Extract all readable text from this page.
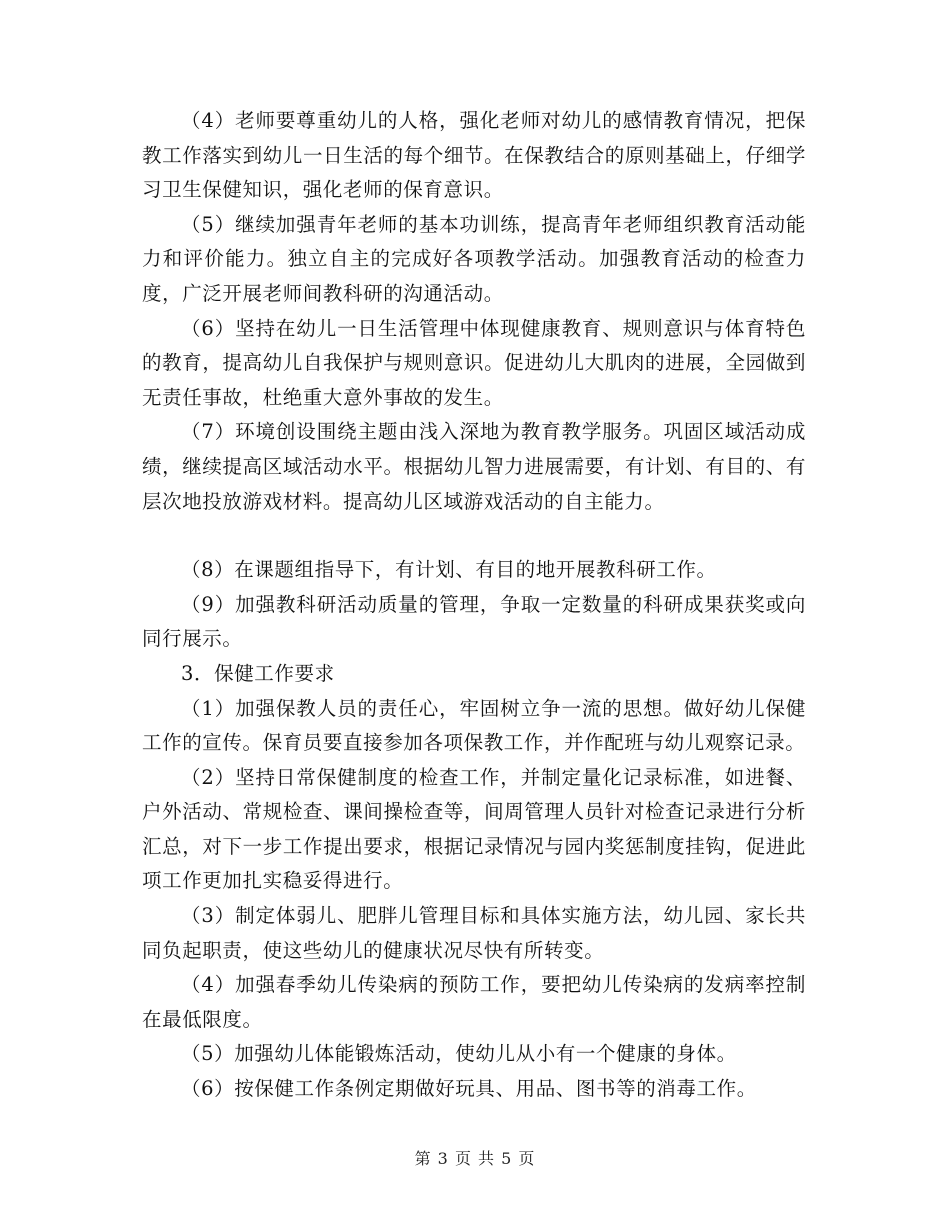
（4）老师要尊重幼儿的人格，强化老师对幼儿的感情教育情况，把保教工作落实到幼儿一日生活的每个细节。在保教结合的原则基础上，仔细学习卫生保健知识，强化老师的保育意识。

（5）继续加强青年老师的基本功训练，提高青年老师组织教育活动能力和评价能力。独立自主的完成好各项教学活动。加强教育活动的检查力度，广泛开展老师间教科研的沟通活动。

（6）坚持在幼儿一日生活管理中体现健康教育、规则意识与体育特色的教育，提高幼儿自我保护与规则意识。促进幼儿大肌肉的进展，全园做到无责任事故，杜绝重大意外事故的发生。

（7）环境创设围绕主题由浅入深地为教育教学服务。巩固区域活动成绩，继续提高区域活动水平。根据幼儿智力进展需要，有计划、有目的、有层次地投放游戏材料。提高幼儿区域游戏活动的自主能力。

（8）在课题组指导下，有计划、有目的地开展教科研工作。

（9）加强教科研活动质量的管理，争取一定数量的科研成果获奖或向同行展示。

3．保健工作要求

（1）加强保教人员的责任心，牢固树立争一流的思想。做好幼儿保健工作的宣传。保育员要直接参加各项保教工作，并作配班与幼儿观察记录。

（2）坚持日常保健制度的检查工作，并制定量化记录标准，如进餐、户外活动、常规检查、课间操检查等，间周管理人员针对检查记录进行分析汇总，对下一步工作提出要求，根据记录情况与园内奖惩制度挂钩，促进此项工作更加扎实稳妥得进行。

（3）制定体弱儿、肥胖儿管理目标和具体实施方法，幼儿园、家长共同负起职责，使这些幼儿的健康状况尽快有所转变。

（4）加强春季幼儿传染病的预防工作，要把幼儿传染病的发病率控制在最低限度。

（5）加强幼儿体能锻炼活动，使幼儿从小有一个健康的身体。

（6）按保健工作条例定期做好玩具、用品、图书等的消毒工作。

第 3 页 共 5 页
